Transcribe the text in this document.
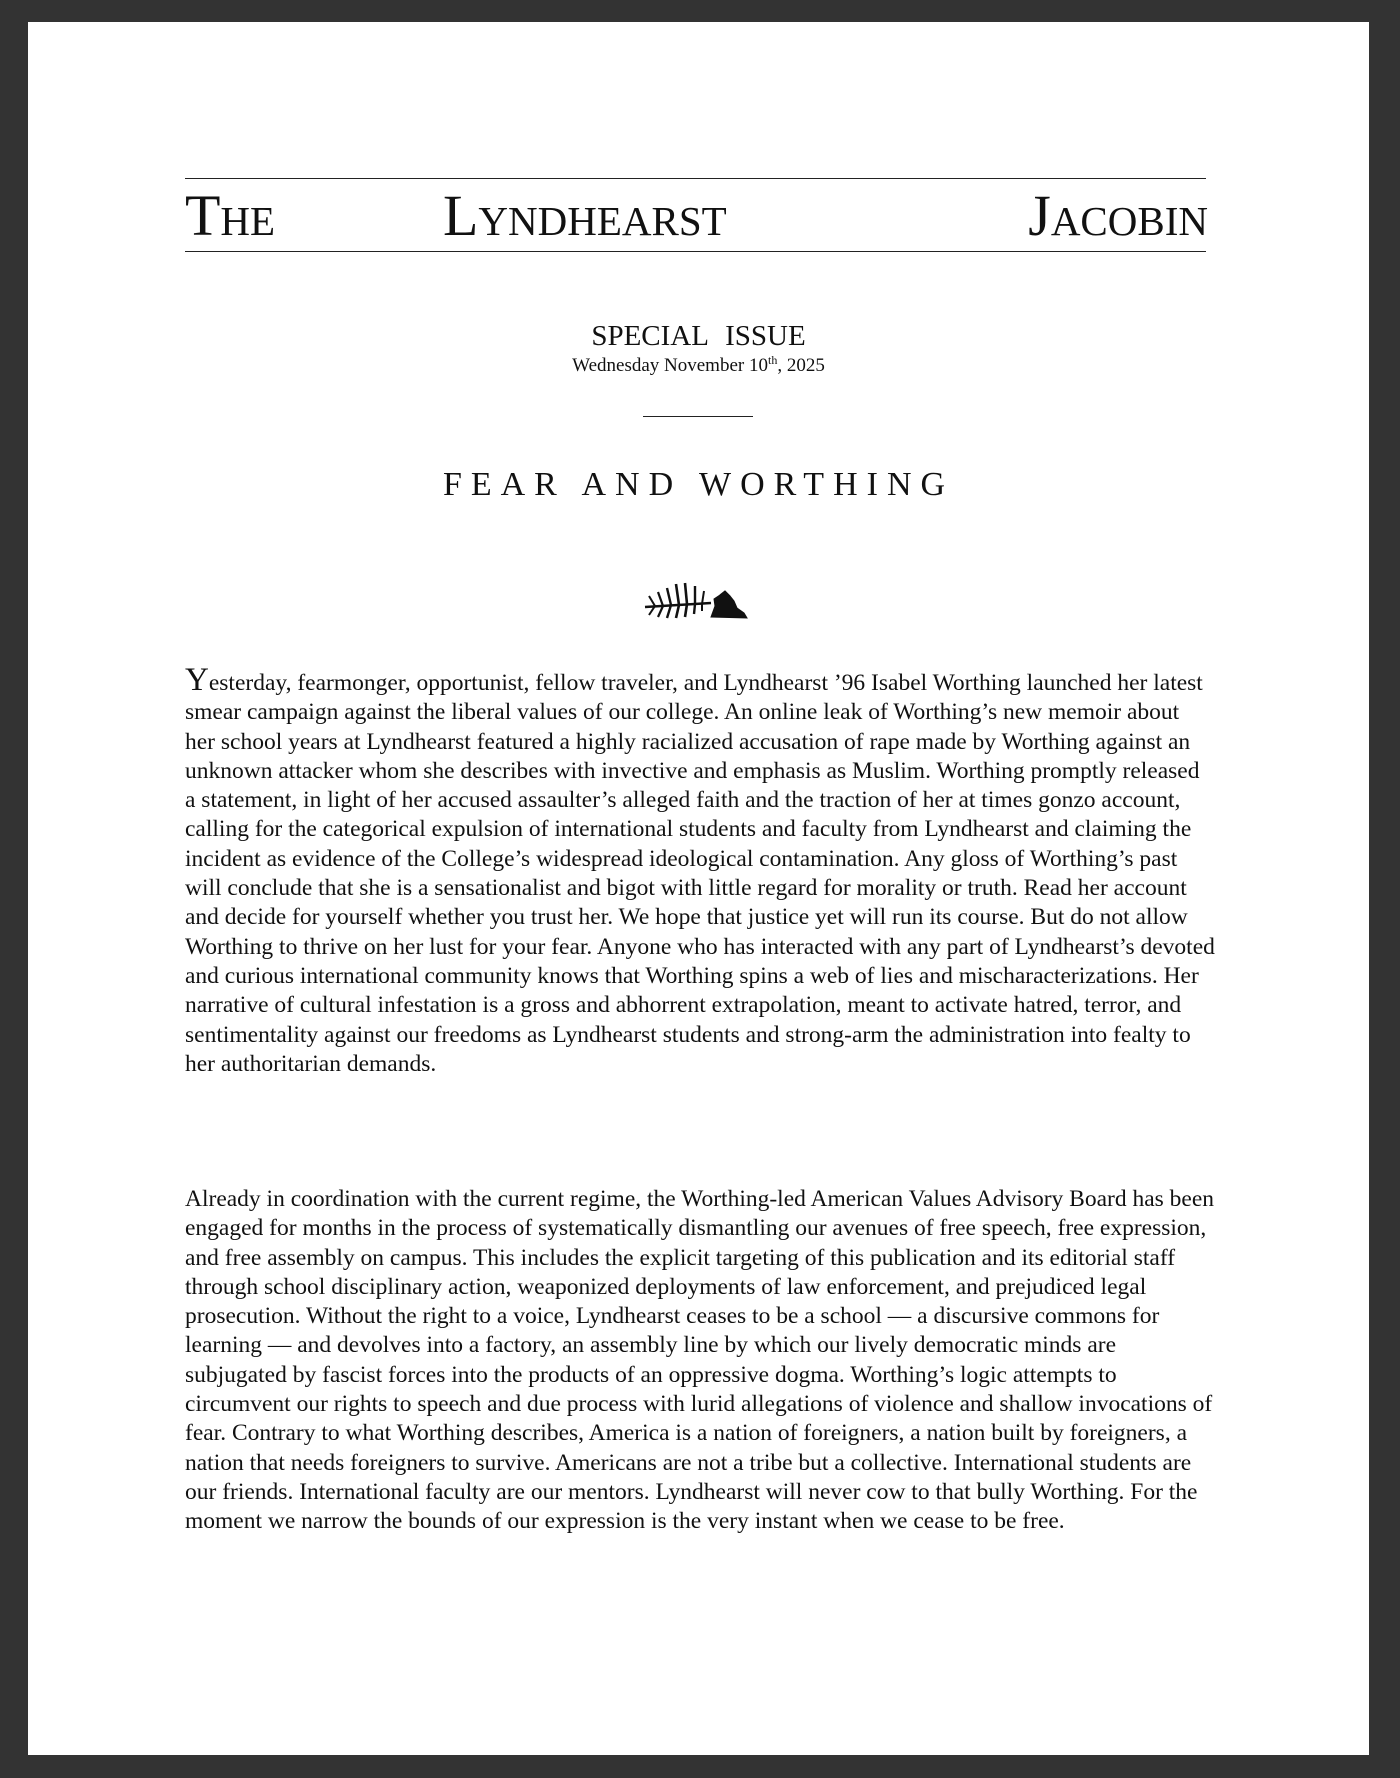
The	Lyndhearst	Jacobin
SPECIAL ISSUE
Wednesday November 10th, 2025
FEAR AND WORTHING

Yesterday, fearmonger, opportunist, fellow traveler, and Lyndhearst ’96 Isabel Worthing launched her latest smear campaign against the liberal values of our college. An online leak of Worthing’s new memoir about her school years at Lyndhearst featured a highly racialized accusation of rape made by Worthing against an unknown attacker whom she describes with invective and emphasis as Muslim. Worthing promptly released a statement, in light of her accused assaulter’s alleged faith and the traction of her at times gonzo account, calling for the categorical expulsion of international students and faculty from Lyndhearst and claiming the incident as evidence of the College’s widespread ideological contamination. Any gloss of Worthing’s past will conclude that she is a sensationalist and bigot with little regard for morality or truth. Read her account and decide for yourself whether you trust her. We hope that justice yet will run its course. But do not allow Worthing to thrive on her lust for your fear. Anyone who has interacted with any part of Lyndhearst’s devoted and curious international community knows that Worthing spins a web of lies and mischaracterizations. Her narrative of cultural infestation is a gross and abhorrent extrapolation, meant to activate hatred, terror, and sentimentality against our freedoms as Lyndhearst students and strong-arm the administration into fealty to her authoritarian demands.

Already in coordination with the current regime, the Worthing-led American Values Advisory Board has been engaged for months in the process of systematically dismantling our avenues of free speech, free expression, and free assembly on campus. This includes the explicit targeting of this publication and its editorial staff through school disciplinary action, weaponized deployments of law enforcement, and prejudiced legal prosecution. Without the right to a voice, Lyndhearst ceases to be a school — a discursive commons for learning — and devolves into a factory, an assembly line by which our lively democratic minds are subjugated by fascist forces into the products of an oppressive dogma. Worthing’s logic attempts to circumvent our rights to speech and due process with lurid allegations of violence and shallow invocations of fear. Contrary to what Worthing describes, America is a nation of foreigners, a nation built by foreigners, a nation that needs foreigners to survive. Americans are not a tribe but a collective. International students are our friends. International faculty are our mentors. Lyndhearst will never cow to that bully Worthing. For the moment we narrow the bounds of our expression is the very instant when we cease to be free.
